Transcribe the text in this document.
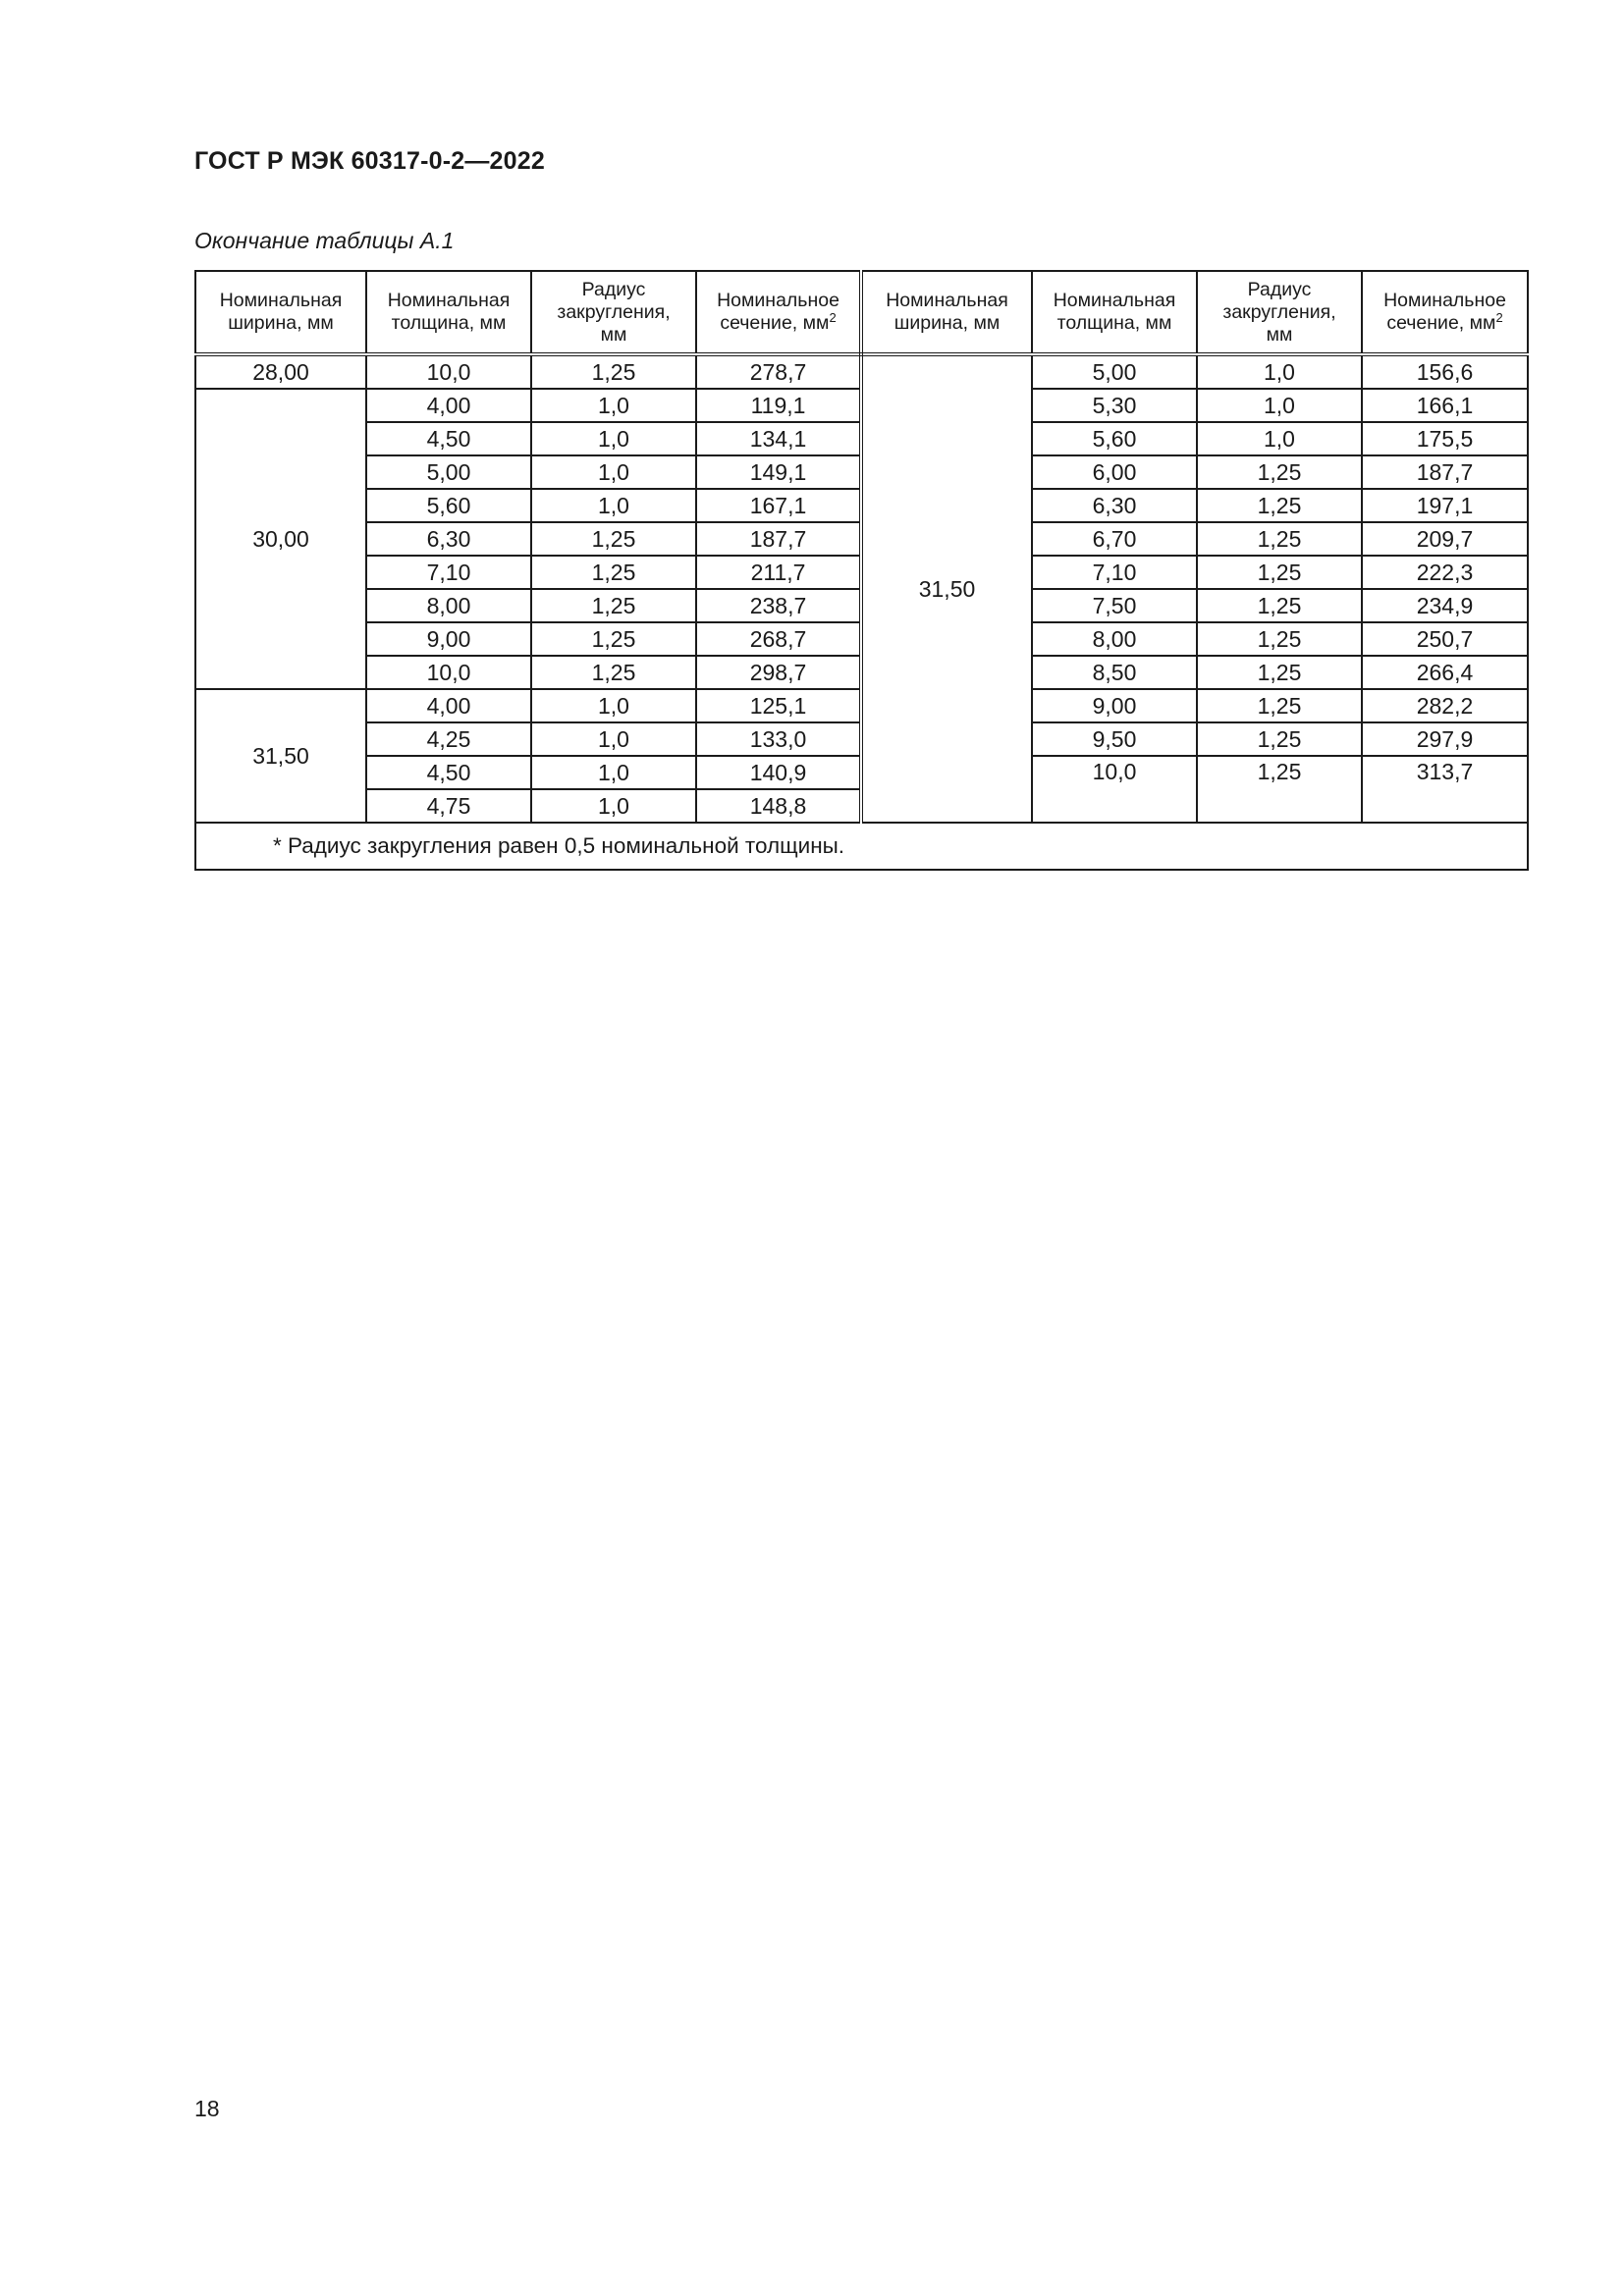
ГОСТ Р МЭК 60317-0-2—2022
Окончание таблицы А.1
Номинальная
ширина, мм	Номинальная
толщина, мм	Радиус
закругления,
мм	Номинальное
сечение, $мм^2$	Номинальная
ширина, мм	Номинальная
толщина, мм	Радиус
закругления,
мм	Номинальное
сечение, $мм^2$
28,00	10,0	1,25	278,7	31,50	5,00	1,0	156,6
30,00	4,00	1,0	119,1		5,30	1,0	166,1
	4,50	1,0	134,1		5,60	1,0	175,5
	5,00	1,0	149,1		6,00	1,25	187,7
	5,60	1,0	167,1		6,30	1,25	197,1
	6,30	1,25	187,7		6,70	1,25	209,7
	7,10	1,25	211,7		7,10	1,25	222,3
	8,00	1,25	238,7		7,50	1,25	234,9
	9,00	1,25	268,7		8,00	1,25	250,7
	10,0	1,25	298,7		8,50	1,25	266,4
31,50	4,00	1,0	125,1		9,00	1,25	282,2
	4,25	1,0	133,0		9,50	1,25	297,9
	4,50	1,0	140,9		10,0	1,25	313,7
	4,75	1,0	148,8				
* Радиус закругления равен 0,5 номинальной толщины.							
18
